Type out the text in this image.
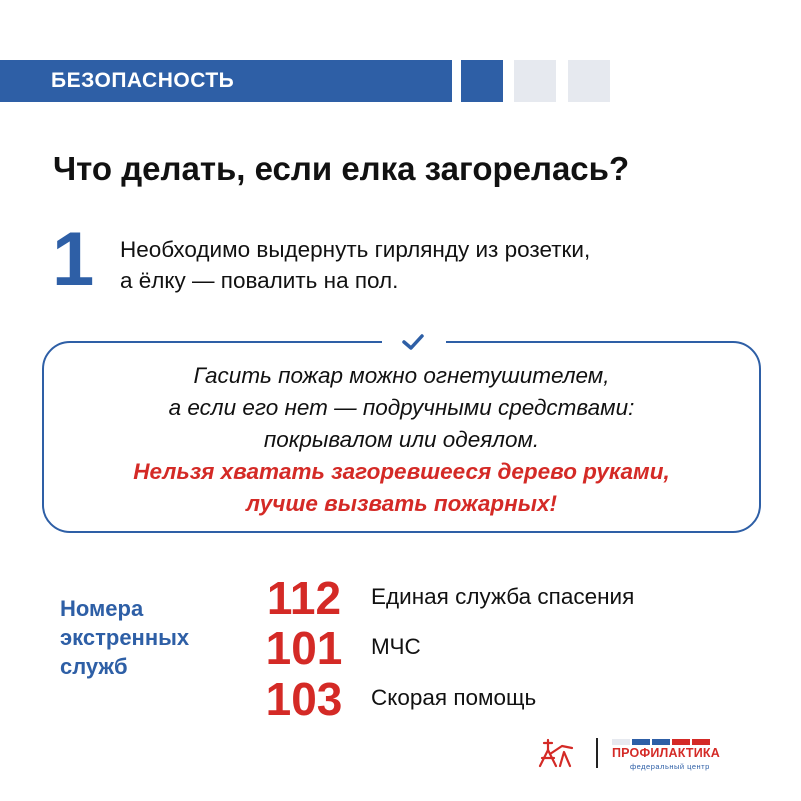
БЕЗОПАСНОСТЬ
Что делать, если елка загорелась?
1 Необходимо выдернуть гирлянду из розетки,
а ёлку — повалить на пол.
Гасить пожар можно огнетушителем,
а если его нет — подручными средствами:
покрывалом или одеялом.
Нельзя хватать загоревшееся дерево руками,
лучше вызвать пожарных!
Номера
экстренных
служб
112	Единая служба спасения
101	МЧС
103	Скорая помощь
ПРОФИЛАКТИКА
федеральный центр
